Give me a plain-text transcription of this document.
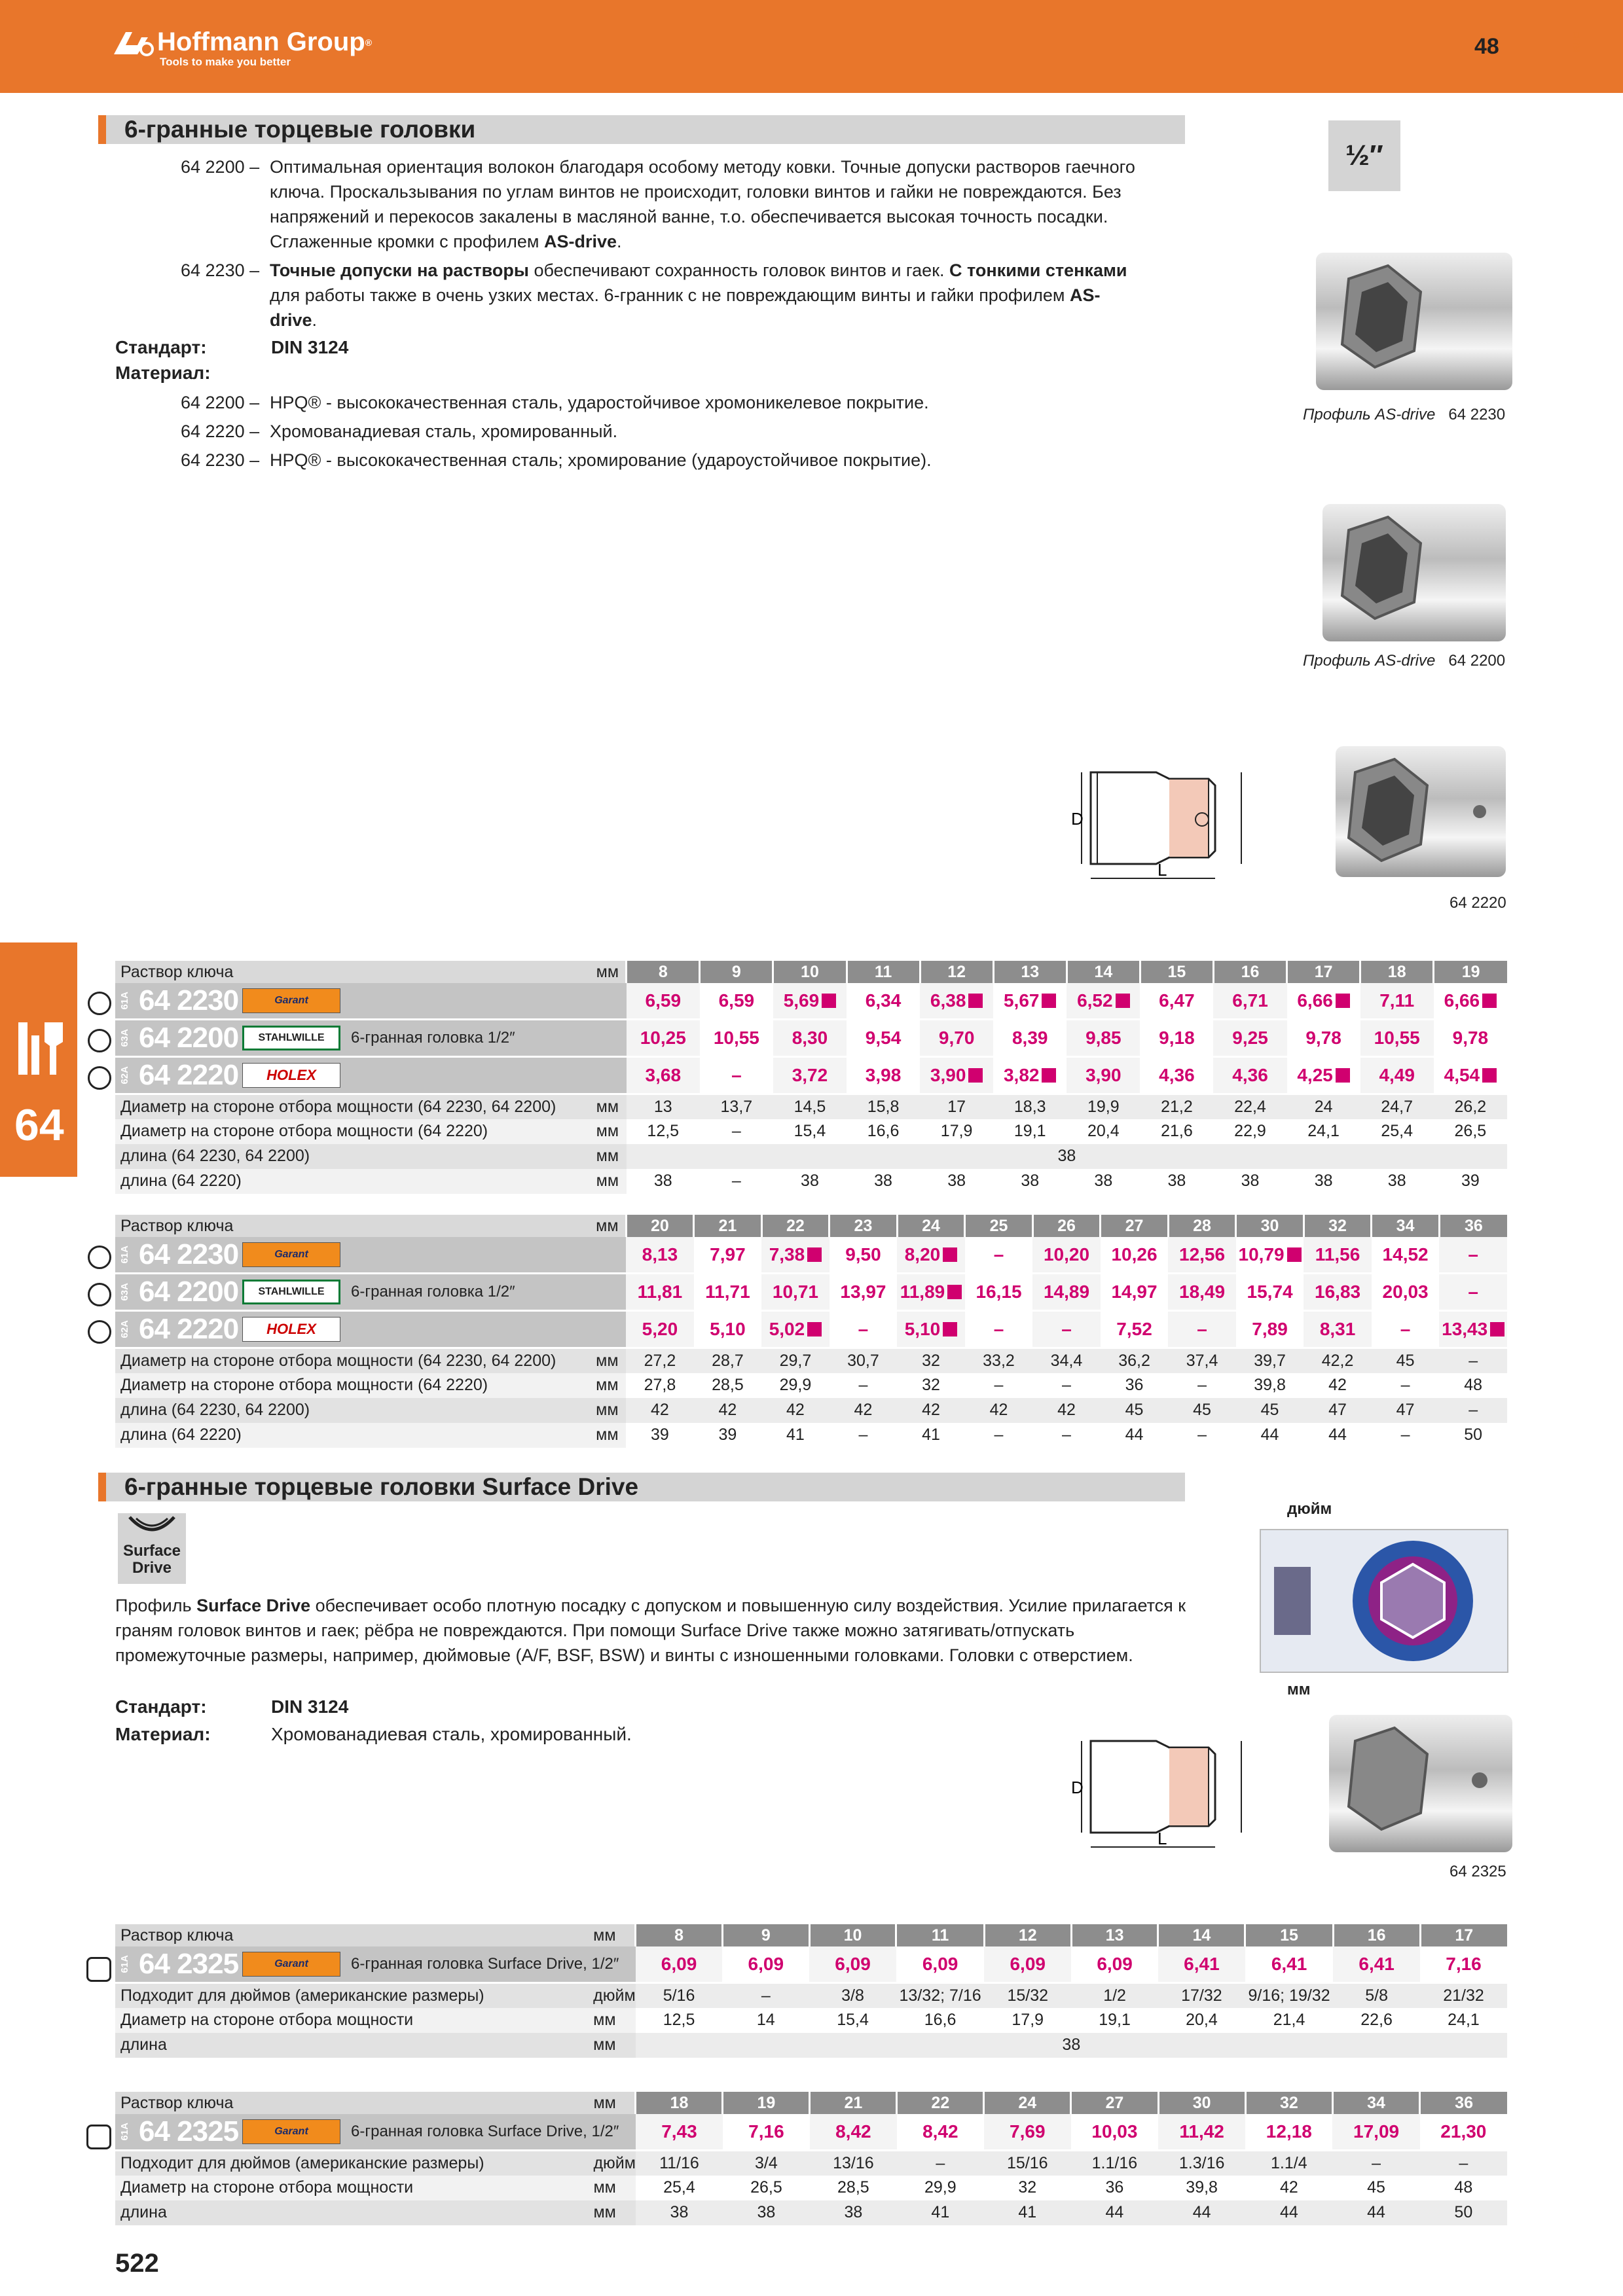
Hoffmann Group ®
Tools to make you better
48	RUE
64
6-гранные торцевые головки
64 2200 – Оптимальная ориентация волокон благодаря особому методу ковки. Точные допуски растворов гаечного ключа. Проскальзывания по углам винтов не происходит, головки винтов и гайки не повреждаются. Без напряжений и перекосов закалены в масляной ванне, т.о. обеспечивается высокая точность посадки. Сглаженные кромки с профилем AS-drive.
64 2230 – Точные допуски на растворы обеспечивают сохранность головок винтов и гаек. С тонкими стенками для работы также в очень узких местах. 6-гранник с не повреждающим винты и гайки профилем AS-drive.
Стандарт:	DIN 3124
Материал:
64 2200 – HPQ® - высококачественная сталь, ударостойчивое хромоникелевое покрытие.
64 2220 – Хромованадиевая сталь, хромированный.
64 2230 – HPQ® - высококачественная сталь; хромирование (удароустойчивое покрытие).
½″
Профиль AS-drive 64 2230
Профиль AS-drive 64 2200
D
L
64 2220
Раствор ключа	мм	8	9	10	11	12	13	14	15	16	17	18	19

61A 64 2230 Garant		6,59	6,59	5,69	6,34	6,38	5,67	6,52	6,47	6,71	6,66	7,11	6,66

63A 64 2200 STAHLWILLE 6-гранная головка 1/2″		10,25	10,55	8,30	9,54	9,70	8,39	9,85	9,18	9,25	9,78	10,55	9,78

62A 64 2220 HOLEX		3,68	–	3,72	3,98	3,90	3,82	3,90	4,36	4,36	4,25	4,49	4,54
Диаметр на стороне отбора мощности (64 2230, 64 2200)	мм	13	13,7	14,5	15,8	17	18,3	19,9	21,2	22,4	24	24,7	26,2
Диаметр на стороне отбора мощности (64 2220)	мм	12,5	–	15,4	16,6	17,9	19,1	20,4	21,6	22,9	24,1	25,4	26,5
длина (64 2230, 64 2200)	мм	38											
длина (64 2220)	мм	38	–	38	38	38	38	38	38	38	38	38	39
Раствор ключа	мм	20	21	22	23	24	25	26	27	28	30	32	34	36

61A 64 2230 Garant		8,13	7,97	7,38	9,50	8,20	–	10,20	10,26	12,56	10,79	11,56	14,52	–

63A 64 2200 STAHLWILLE 6-гранная головка 1/2″		11,81	11,71	10,71	13,97	11,89	16,15	14,89	14,97	18,49	15,74	16,83	20,03	–

62A 64 2220 HOLEX		5,20	5,10	5,02	–	5,10	–	–	7,52	–	7,89	8,31	–	13,43
Диаметр на стороне отбора мощности (64 2230, 64 2200)	мм	27,2	28,7	29,7	30,7	32	33,2	34,4	36,2	37,4	39,7	42,2	45	–
Диаметр на стороне отбора мощности (64 2220)	мм	27,8	28,5	29,9	–	32	–	–	36	–	39,8	42	–	48
длина (64 2230, 64 2200)	мм	42	42	42	42	42	42	42	45	45	45	47	47	–
длина (64 2220)	мм	39	39	41	–	41	–	–	44	–	44	44	–	50
6-гранные торцевые головки Surface Drive
Surface
Drive
Профиль Surface Drive обеспечивает особо плотную посадку с допуском и повышенную силу воздействия. Усилие прилагается к граням головок винтов и гаек; рёбра не повреждаются. При помощи Surface Drive также можно затягивать/отпускать промежуточные размеры, например, дюймовые (A/F, BSF, BSW) и винты с изношенными головками. Головки с отверстием.
Стандарт:	DIN 3124
Материал:	Хромованадиевая сталь, хромированный.
дюйм
мм
D
L
64 2325
Раствор ключа	мм	8	9	10	11	12	13	14	15	16	17

61A 64 2325 Garant 6-гранная головка Surface Drive, 1/2″		6,09	6,09	6,09	6,09	6,09	6,09	6,41	6,41	6,41	7,16
Подходит для дюймов (американские размеры)	дюйм	5/16	–	3/8	13/32; 7/16	15/32	1/2	17/32	9/16; 19/32	5/8	21/32
Диаметр на стороне отбора мощности	мм	12,5	14	15,4	16,6	17,9	19,1	20,4	21,4	22,6	24,1
длина	мм	38									
Раствор ключа	мм	18	19	21	22	24	27	30	32	34	36

61A 64 2325 Garant 6-гранная головка Surface Drive, 1/2″		7,43	7,16	8,42	8,42	7,69	10,03	11,42	12,18	17,09	21,30
Подходит для дюймов (американские размеры)	дюйм	11/16	3/4	13/16	–	15/16	1.1/16	1.3/16	1.1/4	–	–
Диаметр на стороне отбора мощности	мм	25,4	26,5	28,5	29,9	32	36	39,8	42	45	48
длина	мм	38	38	38	41	41	44	44	44	44	50
522
